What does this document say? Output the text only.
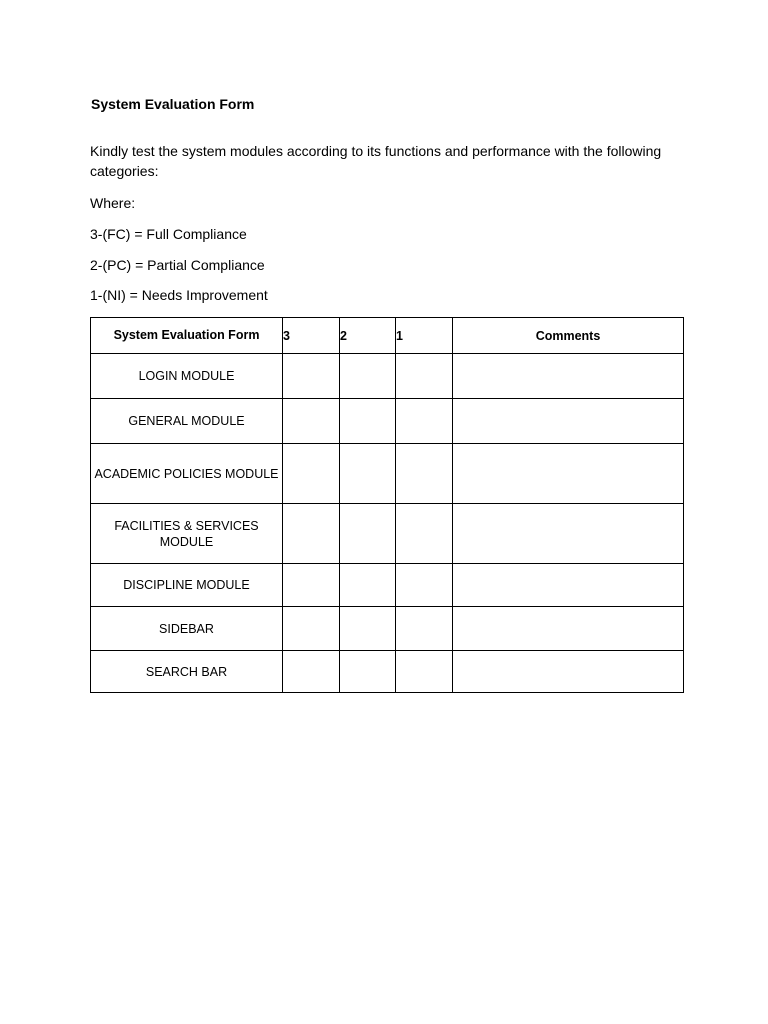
System Evaluation Form
Kindly test the system modules according to its functions and performance with the following categories:
Where:
3-(FC) = Full Compliance
2-(PC) = Partial Compliance
1-(NI) = Needs Improvement
System Evaluation Form	3	2	1	Comments
LOGIN MODULE				
GENERAL MODULE				
ACADEMIC POLICIES MODULE				
FACILITIES & SERVICES MODULE				
DISCIPLINE MODULE				
SIDEBAR				
SEARCH BAR				
